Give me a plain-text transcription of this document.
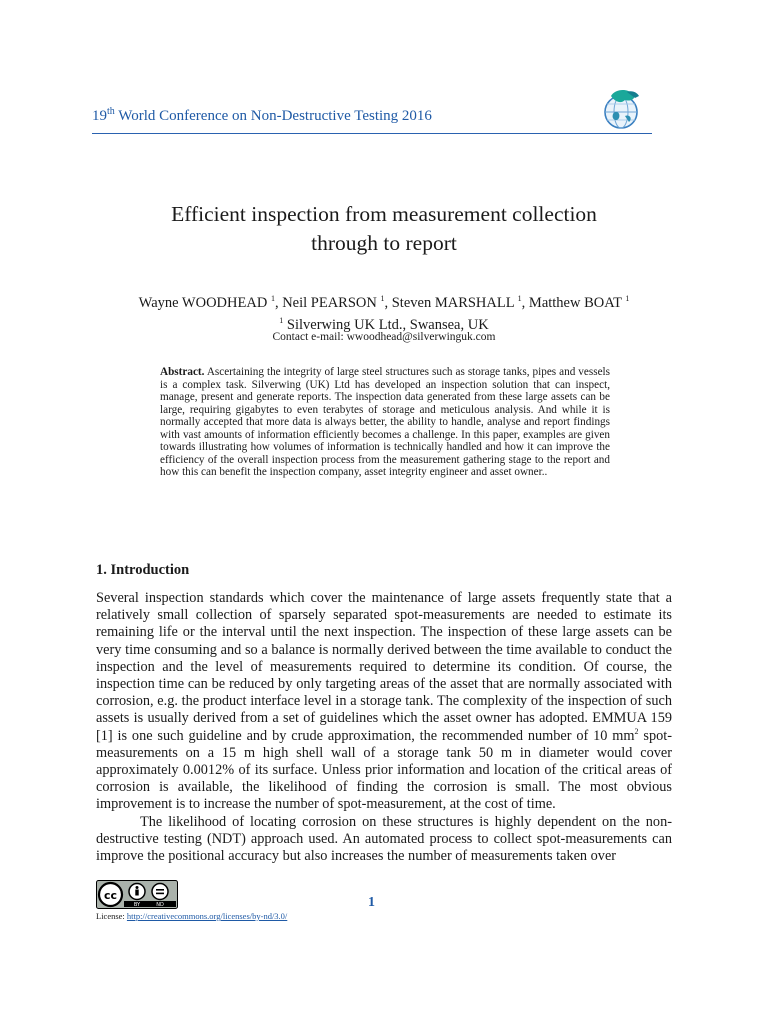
19th World Conference on Non-Destructive Testing 2016
Efficient inspection from measurement collection
through to report
Wayne WOODHEAD $^1$, Neil PEARSON $^1$, Steven MARSHALL $^1$, Matthew BOAT $^1$
$^1$ Silverwing UK Ltd., Swansea, UK
Contact e-mail: wwoodhead@silverwinguk.com
Abstract. Ascertaining the integrity of large steel structures such as storage tanks, pipes and vessels is a complex task. Silverwing (UK) Ltd has developed an inspection solution that can inspect, manage, present and generate reports. The inspection data generated from these large assets can be large, requiring gigabytes to even terabytes of storage and meticulous analysis. And while it is normally accepted that more data is always better, the ability to handle, analyse and report findings with vast amounts of information efficiently becomes a challenge. In this paper, examples are given towards illustrating how volumes of information is technically handled and how it can improve the efficiency of the overall inspection process from the measurement gathering stage to the report and how this can benefit the inspection company, asset integrity engineer and asset owner..
1. Introduction

Several inspection standards which cover the maintenance of large assets frequently state that a relatively small collection of sparsely separated spot-measurements are needed to estimate its remaining life or the interval until the next inspection. The inspection of these large assets can be very time consuming and so a balance is normally derived between the time available to conduct the inspection and the level of measurements required to determine its condition. Of course, the inspection time can be reduced by only targeting areas of the asset that are normally associated with corrosion, e.g. the product interface level in a storage tank. The complexity of the inspection of such assets is usually derived from a set of guidelines which the asset owner has adopted. EMMUA 159 [1] is one such guideline and by crude approximation, the recommended number of 10 $mm^2$ spot-measurements on a 15 m high shell wall of a storage tank 50 m in diameter would cover approximately 0.0012% of its surface. Unless prior information and location of the critical areas of corrosion is available, the likelihood of finding the corrosion is small. The most obvious improvement is to increase the number of spot-measurement, at the cost of time.

The likelihood of locating corrosion on these structures is highly dependent on the non-destructive testing (NDT) approach used. An automated process to collect spot-measurements can improve the positional accuracy but also increases the number of measurements taken over

cc
BY	ND	1
License: http://creativecommons.org/licenses/by-nd/3.0/
